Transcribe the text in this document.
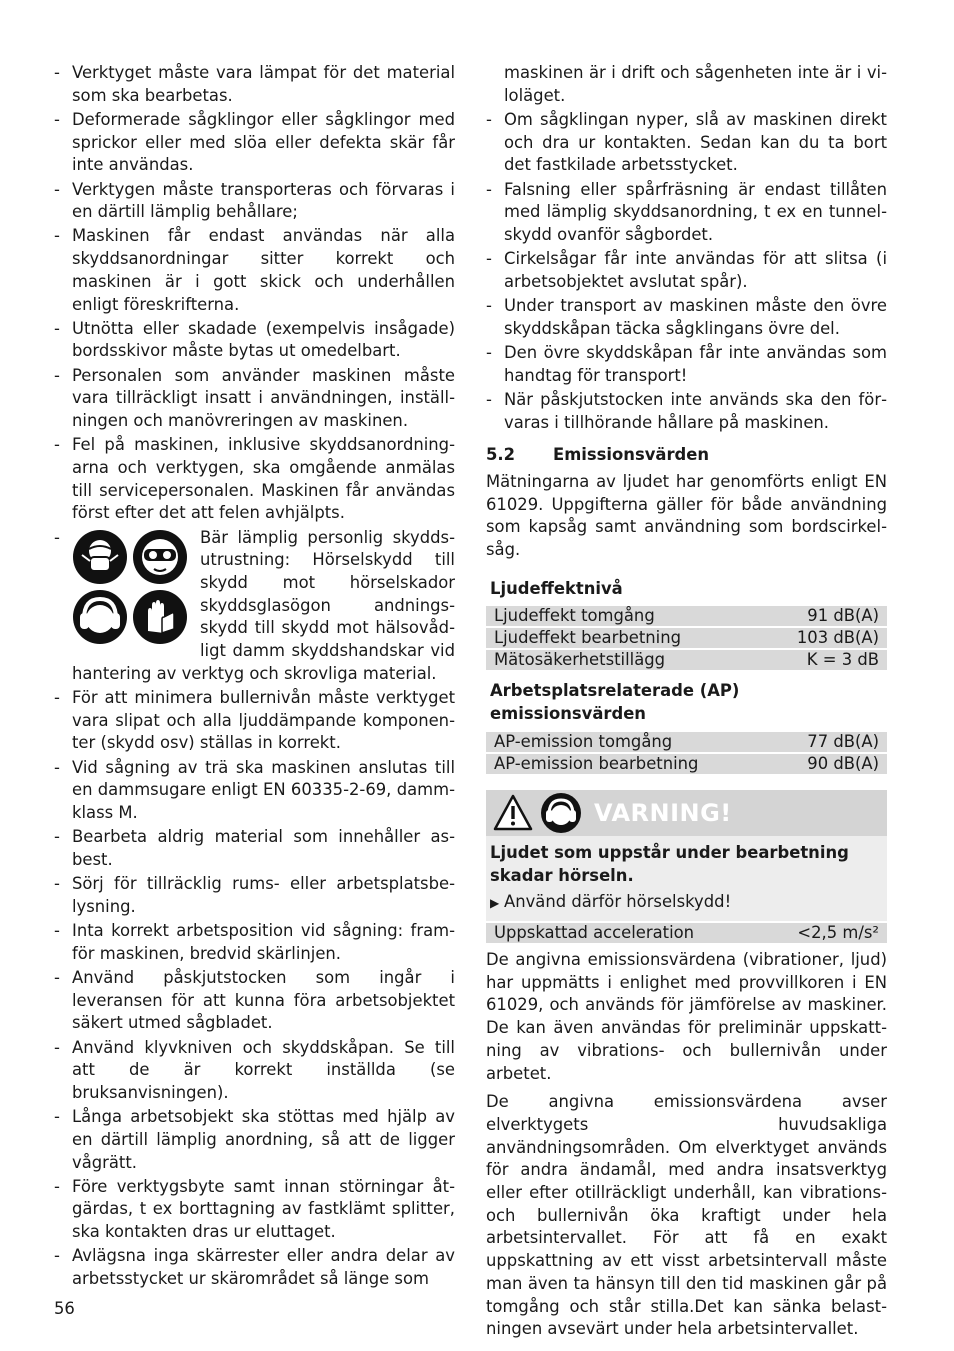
- Verktyget måste vara lämpat för det material som ska bearbetas.
- Deformerade sågklingor eller sågklingor med sprickor eller med slöa eller defekta skär får inte användas.
- Verktygen måste transporteras och förvaras i en därtill lämplig behållare;
- Maskinen får endast användas när alla skyddsanordningar sitter korrekt och maskinen är i gott skick och underhållen enligt föreskrifterna.
- Utnötta eller skadade (exempelvis insågade) bordsskivor måste bytas ut omedelbart.
- Personalen som använder maskinen måste vara tillräckligt insatt i användningen, inställningen och manövreringen av maskinen.
- Fel på maskinen, inklusive skyddsanordningarna och verktygen, ska omgående anmälas till servicepersonalen. Maskinen får användas först efter det att felen avhjälpts.
- Bär lämplig personlig skyddsutrustning: Hörselskydd till skydd mot hörselskador skyddsglasögon andningsskydd till skydd mot hälsovådligt damm skyddshandskar vid hantering av verktyg och skrovliga material.
- För att minimera bullernivån måste verktyget vara slipat och alla ljuddämpande komponenter (skydd osv) ställas in korrekt.
- Vid sågning av trä ska maskinen anslutas till en dammsugare enligt EN 60335-2-69, dammklass M.
- Bearbeta aldrig material som innehåller asbest.
- Sörj för tillräcklig rums- eller arbetsplatsbelysning.
- Inta korrekt arbetsposition vid sågning: framför maskinen, bredvid skärlinjen.
- Använd påskjutstocken som ingår i leveransen för att kunna föra arbetsobjektet säkert utmed sågbladet.
- Använd klyvkniven och skyddskåpan. Se till att de är korrekt inställda (se bruksanvisningen).
- Långa arbetsobjekt ska stöttas med hjälp av en därtill lämplig anordning, så att de ligger vågrätt.
- Före verktygsbyte samt innan störningar åtgärdas, t ex borttagning av fastklämt splitter, ska kontakten dras ur eluttaget.
- Avlägsna inga skärrester eller andra delar av arbetsstycket ur skärområdet så länge som
maskinen är i drift och sågenheten inte är i viloläget.
- Om sågklingan nyper, slå av maskinen direkt och dra ur kontakten. Sedan kan du ta bort det fastkilade arbetsstycket.
- Falsning eller spårfräsning är endast tillåten med lämplig skyddsanordning, t ex en tunnelskydd ovanför sågbordet.
- Cirkelsågar får inte användas för att slitsa (i arbetsobjektet avslutat spår).
- Under transport av maskinen måste den övre skyddskåpan täcka sågklingans övre del.
- Den övre skyddskåpan får inte användas som handtag för transport!
- När påskjutstocken inte används ska den förvaras i tillhörande hållare på maskinen.
5.2	Emissionsvärden

Mätningarna av ljudet har genomförts enligt EN 61029. Uppgifterna gäller för både användning som kapsåg samt användning som bordscirkelsåg.

Ljudeffektnivå
Ljudeffekt tomgång	91 dB(A)
Ljudeffekt bearbetning	103 dB(A)
Mätosäkerhetstillägg	K = 3 dB
Arbetsplatsrelaterade (AP) emissionsvärden
AP-emission tomgång	77 dB(A)
AP-emission bearbetning	90 dB(A)
VARNING!
Ljudet som uppstår under bearbetning skadar hörseln.
▶ Använd därför hörselskydd!
Uppskattad acceleration	<2,5 m/s²

De angivna emissionsvärdena (vibrationer, ljud) har uppmätts i enlighet med provvillkoren i EN 61029, och används för jämförelse av maskiner. De kan även användas för preliminär uppskattning av vibrations- och bullernivån under arbetet.

De angivna emissionsvärdena avser elverktygets huvudsakliga användningsområden. Om elverktyget används för andra ändamål, med andra insatsverktyg eller efter otillräckligt underhåll, kan vibrations- och bullernivån öka kraftigt under hela arbetsintervallet. För att få en exakt uppskattning av ett visst arbetsintervall måste man även ta hänsyn till den tid maskinen går på tomgång och står stilla.Det kan sänka belastningen avsevärt under hela arbetsintervallet.

56
